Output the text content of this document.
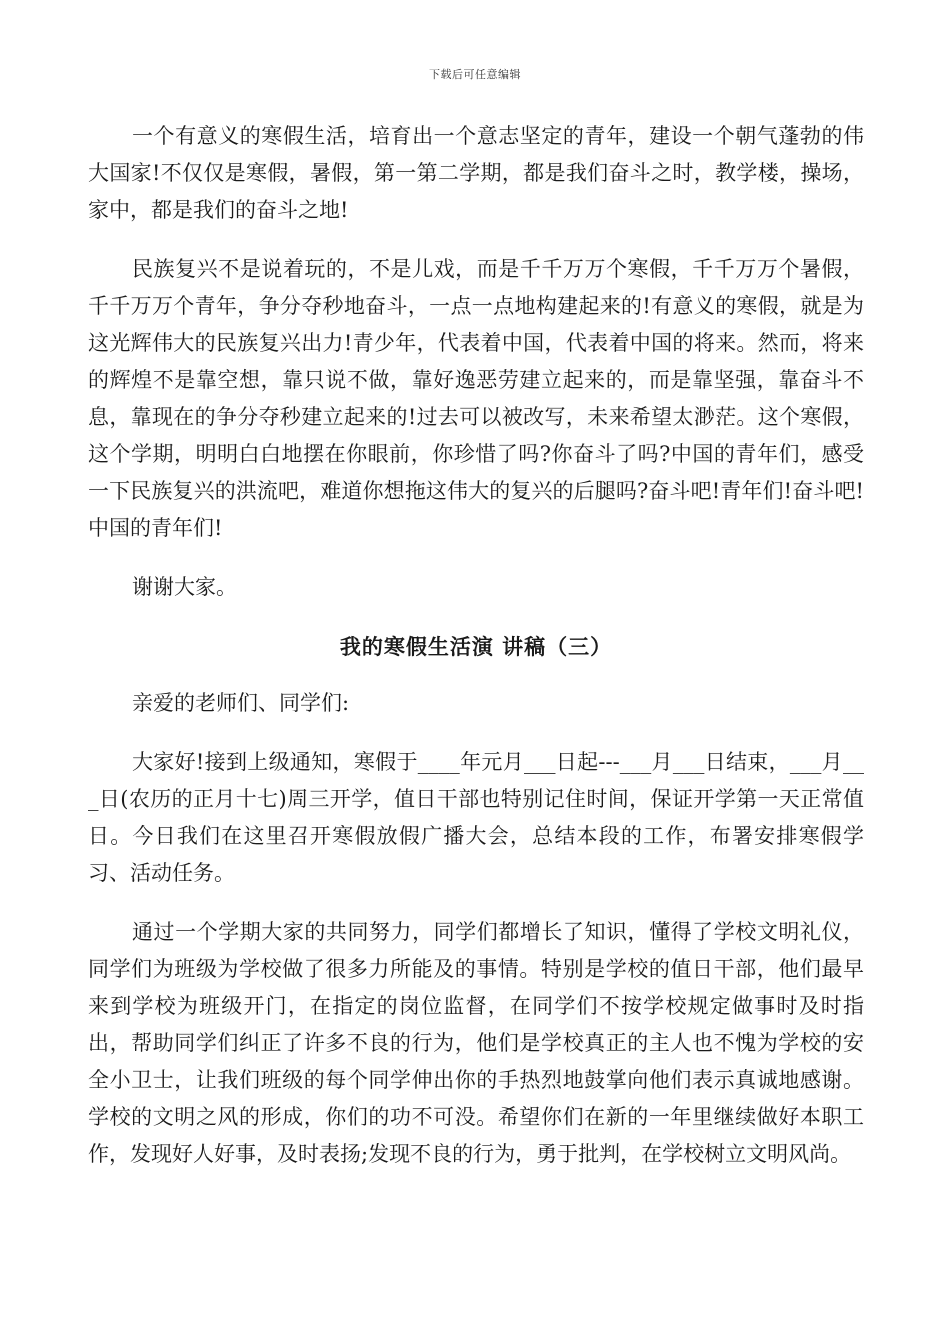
下载后可任意编辑

一个有意义的寒假生活，培育出一个意志坚定的青年，建设一个朝气蓬勃的伟大国家!不仅仅是寒假，暑假，第一第二学期，都是我们奋斗之时，教学楼，操场，家中，都是我们的奋斗之地!

民族复兴不是说着玩的，不是儿戏，而是千千万万个寒假，千千万万个暑假，千千万万个青年，争分夺秒地奋斗，一点一点地构建起来的!有意义的寒假，就是为这光辉伟大的民族复兴出力!青少年，代表着中国，代表着中国的将来。然而，将来的辉煌不是靠空想，靠只说不做，靠好逸恶劳建立起来的，而是靠坚强，靠奋斗不息，靠现在的争分夺秒建立起来的!过去可以被改写，未来希望太渺茫。这个寒假，这个学期，明明白白地摆在你眼前，你珍惜了吗?你奋斗了吗?中国的青年们，感受一下民族复兴的洪流吧，难道你想拖这伟大的复兴的后腿吗?奋斗吧!青年们!奋斗吧!中国的青年们!

谢谢大家。

我的寒假生活演 讲稿（三）

亲爱的老师们、同学们:

大家好!接到上级通知，寒假于____年元月___日起---___月___日结束，___月___日(农历的正月十七)周三开学，值日干部也特别记住时间，保证开学第一天正常值日。今日我们在这里召开寒假放假广播大会，总结本段的工作，布署安排寒假学习、活动任务。

通过一个学期大家的共同努力，同学们都增长了知识，懂得了学校文明礼仪，同学们为班级为学校做了很多力所能及的事情。特别是学校的值日干部，他们最早来到学校为班级开门，在指定的岗位监督，在同学们不按学校规定做事时及时指出，帮助同学们纠正了许多不良的行为，他们是学校真正的主人也不愧为学校的安全小卫士，让我们班级的每个同学伸出你的手热烈地鼓掌向他们表示真诚地感谢。学校的文明之风的形成，你们的功不可没。希望你们在新的一年里继续做好本职工作，发现好人好事，及时表扬;发现不良的行为，勇于批判，在学校树立文明风尚。
